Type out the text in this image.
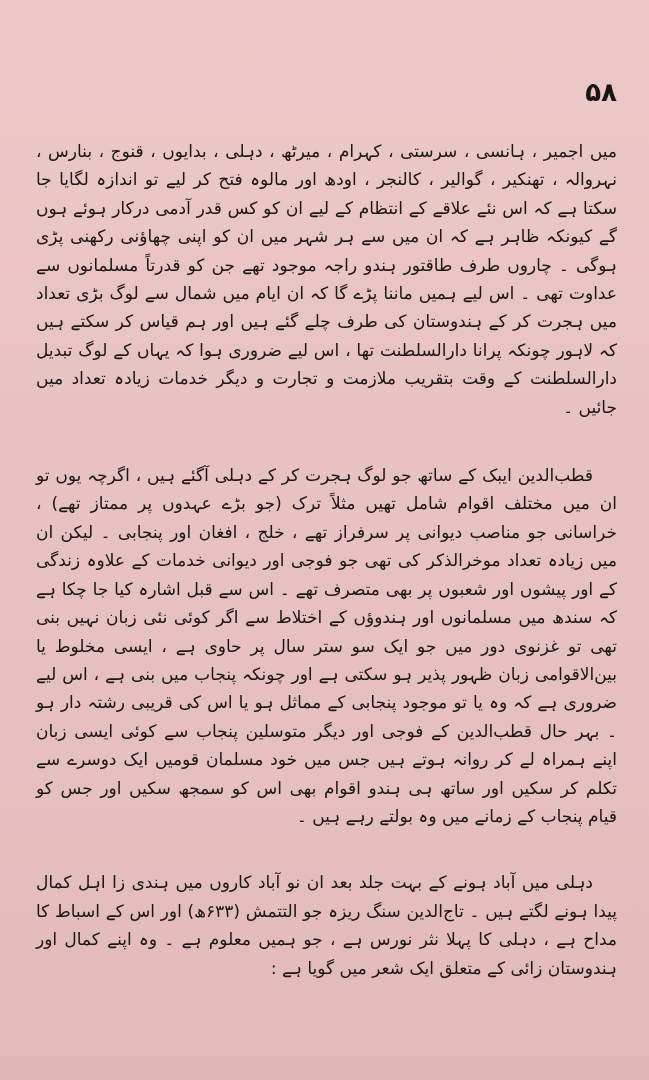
۵۸

میں اجمیر ، ہانسی ، سرستی ، کہرام ، میرٹھ ، دہلی ، بدایوں ، قنوج ، بنارس ، نہروالہ ، تھنکیر ، گوالیر ، کالنجر ، اودھ اور مالوہ فتح کر لیے تو اندازہ لگایا جا سکتا ہے کہ اس نئے علاقے کے انتظام کے لیے ان کو کس قدر آدمی درکار ہوئے ہوں گے کیونکہ ظاہر ہے کہ ان میں سے ہر شہر میں ان کو اپنی چھاؤنی رکھنی پڑی ہوگی ۔ چاروں طرف طاقتور ہندو راجہ موجود تھے جن کو قدرتاً مسلمانوں سے عداوت تھی ۔ اس لیے ہمیں ماننا پڑے گا کہ ان ایام میں شمال سے لوگ بڑی تعداد میں ہجرت کر کے ہندوستان کی طرف چلے گئے ہیں اور ہم قیاس کر سکتے ہیں کہ لاہور چونکہ پرانا دارالسلطنت تھا ، اس لیے ضروری ہوا کہ یہاں کے لوگ تبدیل دارالسلطنت کے وقت بتقریب ملازمت و تجارت و دیگر خدمات زیادہ تعداد میں جائیں ۔

قطب‌الدین ایبک کے ساتھ جو لوگ ہجرت کر کے دہلی آگئے ہیں ، اگرچہ یوں تو ان میں مختلف اقوام شامل تھیں مثلاً ترک (جو بڑے عہدوں پر ممتاز تھے) ، خراسانی جو مناصب دیوانی پر سرفراز تھے ، خلج ، افغان اور پنجابی ۔ لیکن ان میں زیادہ تعداد موخرالذکر کی تھی جو فوجی اور دیوانی خدمات کے علاوہ زندگی کے اور پیشوں اور شعبوں پر بھی متصرف تھے ۔ اس سے قبل اشارہ کیا جا چکا ہے کہ سندھ میں مسلمانوں اور ہندوؤں کے اختلاط سے اگر کوئی نئی زبان نہیں بنی تھی تو غزنوی دور میں جو ایک سو ستر سال پر حاوی ہے ، ایسی مخلوط یا بین‌الاقوامی زبان ظہور پذیر ہو سکتی ہے اور چونکہ پنجاب میں بنی ہے ، اس لیے ضروری ہے کہ وہ یا تو موجود پنجابی کے مماثل ہو یا اس کی قریبی رشتہ دار ہو ۔ بہر حال قطب‌الدین کے فوجی اور دیگر متوسلین پنجاب سے کوئی ایسی زبان اپنے ہمراہ لے کر روانہ ہوتے ہیں جس میں خود مسلمان قومیں ایک دوسرے سے تکلم کر سکیں اور ساتھ ہی ہندو اقوام بھی اس کو سمجھ سکیں اور جس کو قیام پنجاب کے زمانے میں وہ بولتے رہے ہیں ۔

دہلی میں آباد ہونے کے بہت جلد بعد ان نو آباد کاروں میں ہندی زا اہل کمال پیدا ہونے لگتے ہیں ۔ تاج‌الدین سنگ ریزہ جو التتمش (۶۳۳ھ) اور اس کے اسباط کا مداح ہے ، دہلی کا پہلا نثر نورس ہے ، جو ہمیں معلوم ہے ۔ وہ اپنے کمال اور ہندوستان زائی کے متعلق ایک شعر میں گویا ہے :
